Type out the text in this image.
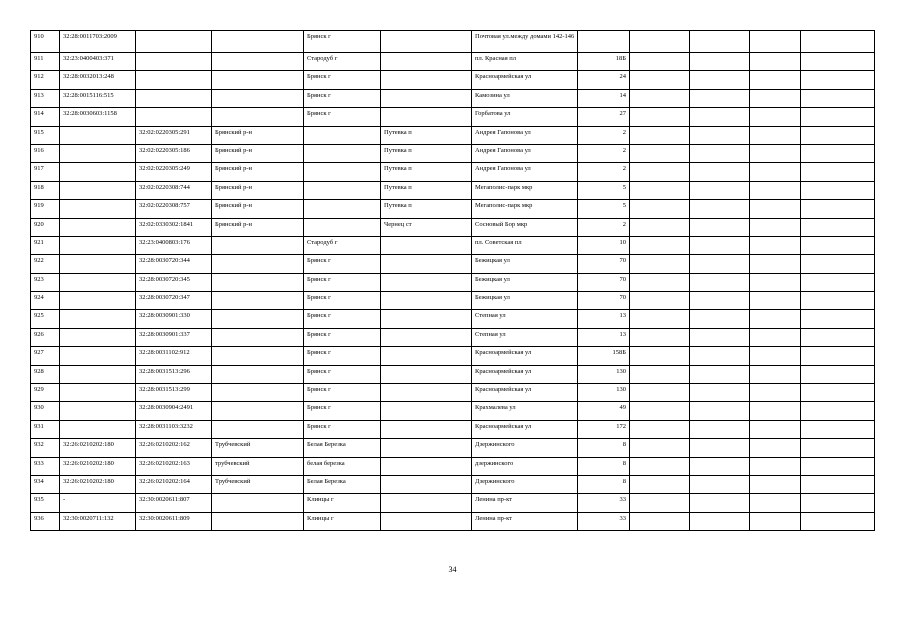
910	32:28:0011703:2009			Брянск г		Почтовая ул.между домами 142-146					
911	32:23:0400403:371			Стародуб г		пл. Красная пл	18Б				
912	32:28:0032013:248			Брянск г		Красноармейская ул	24				
913	32:28:0015116:515			Брянск г		Камозина ул	14				
914	32:28:0030603:1158			Брянск г		Горбатова ул	27				
915		32:02:0220305:291	Брянский р-н		Путевка п	Андрея Гапонова ул	2				
916		32:02:0220305:186	Брянский р-н		Путевка п	Андрея Гапонова ул	2				
917		32:02:0220305:249	Брянский р-н		Путевка п	Андрея Гапонова ул	2				
918		32:02:0220308:744	Брянский р-н		Путевка п	Мегаполис-парк мкр	5				
919		32:02:0220308:757	Брянский р-н		Путевка п	Мегаполис-парк мкр	5				
920		32:02:0330302:1841	Брянский р-н		Чернец ст	Сосновый Бор мкр	2				
921		32:23:0400803:176		Стародуб г		пл. Советская пл	10				
922		32:28:0030720:344		Брянск г		Бежицкая ул	70				
923		32:28:0030720:345		Брянск г		Бежицкая ул	70				
924		32:28:0030720:347		Брянск г		Бежицкая ул	70				
925		32:28:0030901:330		Брянск г		Степная ул	13				
926		32:28:0030901:337		Брянск г		Степная ул	13				
927		32:28:0031102:912		Брянск г		Красноармейская ул	158Б				
928		32:28:0031513:296		Брянск г		Красноармейская ул	130				
929		32:28:0031513:299		Брянск г		Красноармейская ул	130				
930		32:28:0030904:2491		Брянск г		Крахмалева ул	49				
931		32:28:0031103:3232		Брянск г		Красноармейская ул	172				
932	32:26:0210202:180	32:26:0210202:162	Трубчевский	Белая Березка		Дзержинского	8				
933	32:26:0210202:180	32:26:0210202:163	трубчевский	белая березка		дзержинского	8				
934	32:26:0210202:180	32:26:0210202:164	Трубчевский	Белая Березка		Дзержинского	8				
935	-	32:30:0020611:807		Клинцы г		Ленина пр-кт	33				
936	32:30:0020711:132	32:30:0020611:809		Клинцы г		Ленина пр-кт	33				
34
